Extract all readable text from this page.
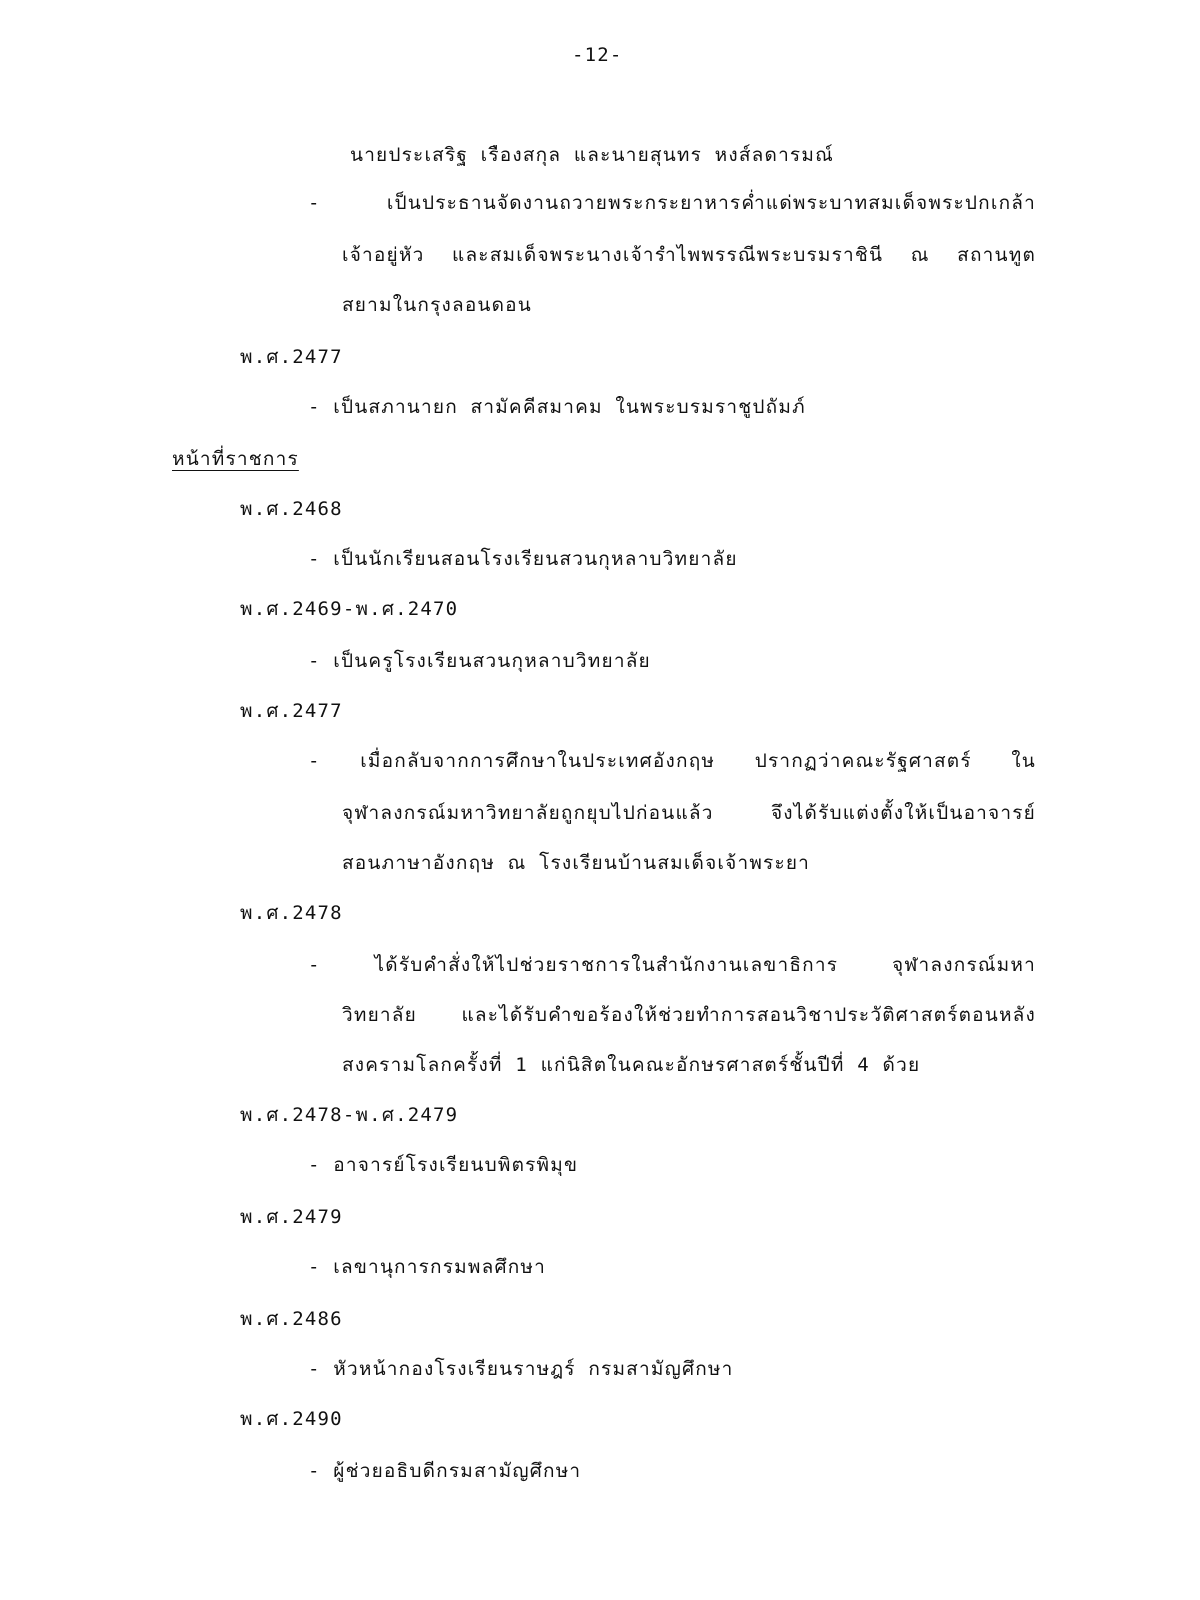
-12-
นายประเสริฐ เรืองสกุล และนายสุนทร หงส์ลดารมณ์
- เป็นประธานจัดงานถวายพระกระยาหารค่ำแด่พระบาทสมเด็จพระปกเกล้า
เจ้าอยู่หัว และสมเด็จพระนางเจ้ารำไพพรรณีพระบรมราชินี ณ สถานทูต
สยามในกรุงลอนดอน
พ.ศ.2477
- เป็นสภานายก สามัคคีสมาคม ในพระบรมราชูปถัมภ์
หน้าที่ราชการ
พ.ศ.2468
- เป็นนักเรียนสอนโรงเรียนสวนกุหลาบวิทยาลัย
พ.ศ.2469-พ.ศ.2470
- เป็นครูโรงเรียนสวนกุหลาบวิทยาลัย
พ.ศ.2477
- เมื่อกลับจากการศึกษาในประเทศอังกฤษ ปรากฏว่าคณะรัฐศาสตร์ ใน
จุฬาลงกรณ์มหาวิทยาลัยถูกยุบไปก่อนแล้ว จึงได้รับแต่งตั้งให้เป็นอาจารย์
สอนภาษาอังกฤษ ณ โรงเรียนบ้านสมเด็จเจ้าพระยา
พ.ศ.2478
- ได้รับคำสั่งให้ไปช่วยราชการในสำนักงานเลขาธิการ จุฬาลงกรณ์มหา
วิทยาลัย และได้รับคำขอร้องให้ช่วยทำการสอนวิชาประวัติศาสตร์ตอนหลัง
สงครามโลกครั้งที่ 1 แก่นิสิตในคณะอักษรศาสตร์ชั้นปีที่ 4 ด้วย
พ.ศ.2478-พ.ศ.2479
- อาจารย์โรงเรียนบพิตรพิมุข
พ.ศ.2479
- เลขานุการกรมพลศึกษา
พ.ศ.2486
- หัวหน้ากองโรงเรียนราษฎร์ กรมสามัญศึกษา
พ.ศ.2490
- ผู้ช่วยอธิบดีกรมสามัญศึกษา
